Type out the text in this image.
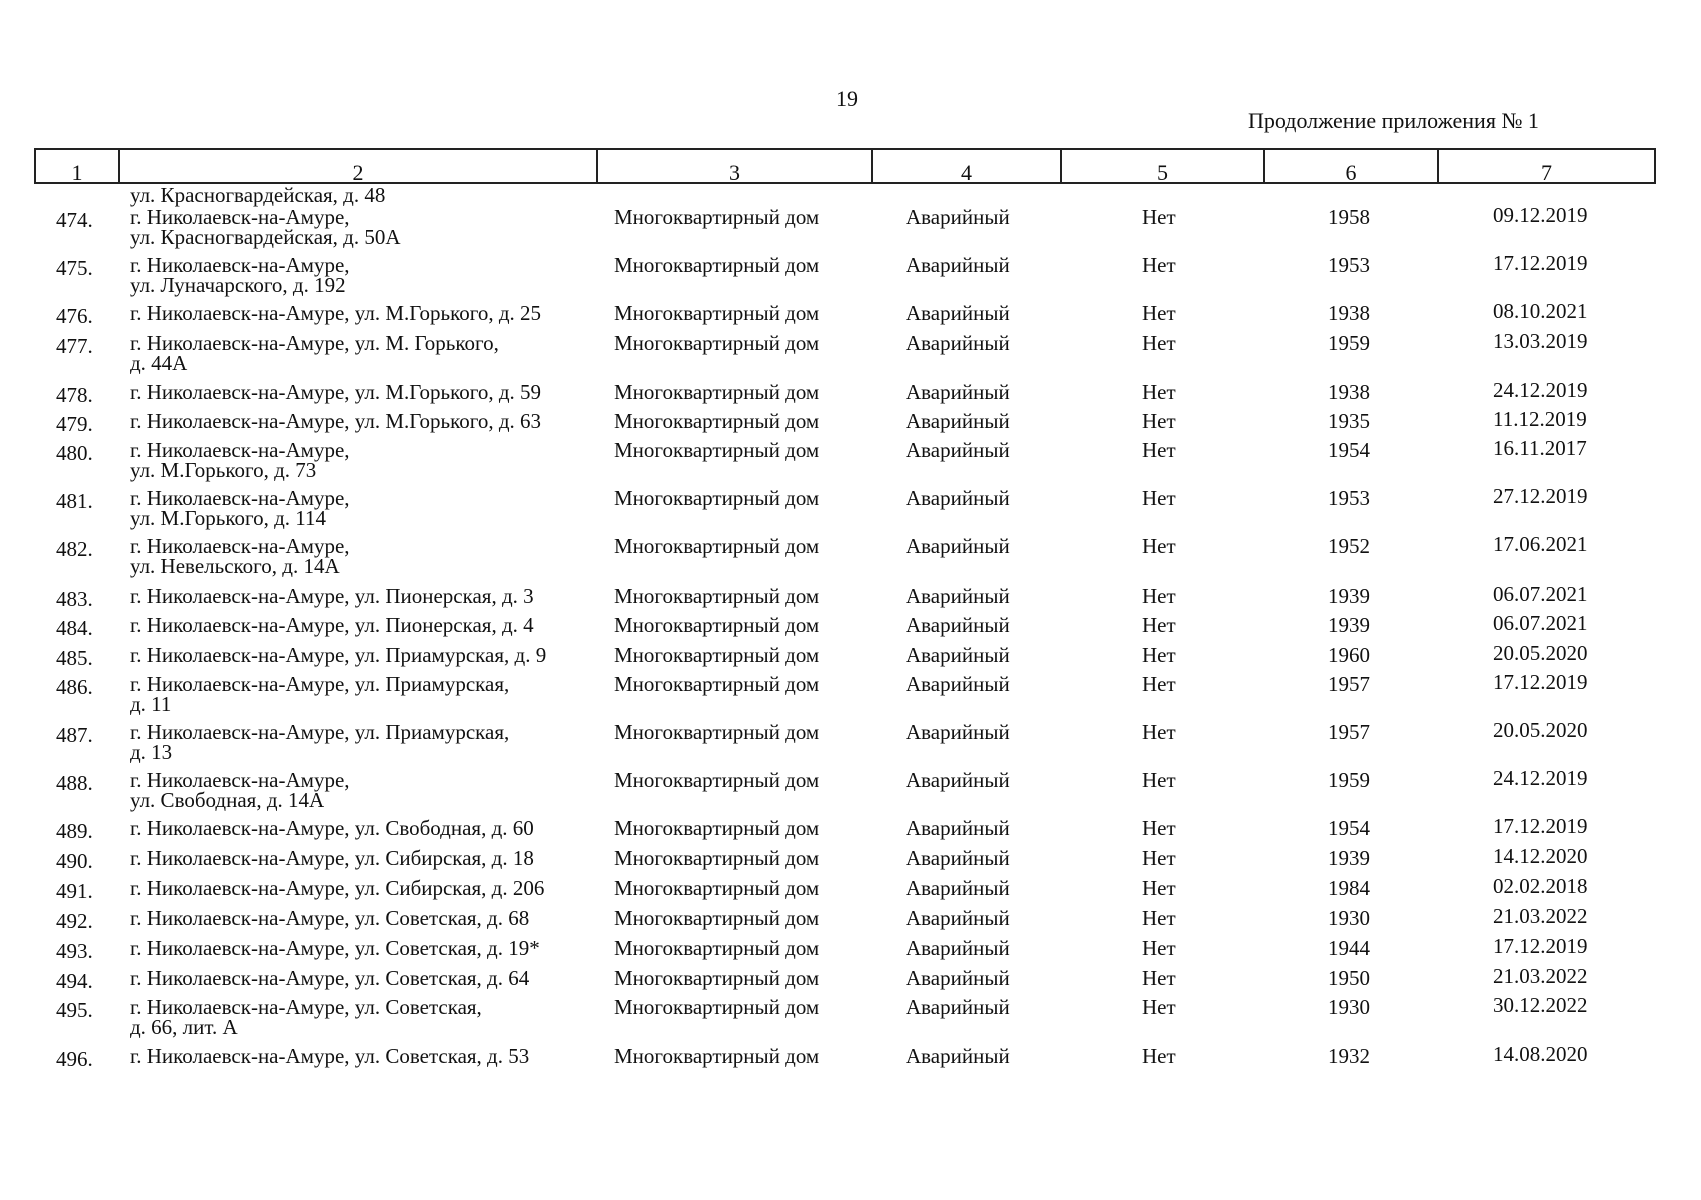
19
Продолжение приложения № 1
1	2	3	4	5	6	7
ул. Красногвардейская, д. 48
474. г. Николаевск-на-Амуре,
ул. Красногвардейская, д. 50А
Многоквартирный дом	Аварийный	Нет	1958	09.12.2019
475. г. Николаевск-на-Амуре,
ул. Луначарского, д. 192
Многоквартирный дом	Аварийный	Нет	1953	17.12.2019
476. г. Николаевск-на-Амуре, ул. М.Горького, д. 25	Многоквартирный дом	Аварийный	Нет	1938	08.10.2021
477. г. Николаевск-на-Амуре, ул. М. Горького,
д. 44А
Многоквартирный дом	Аварийный	Нет	1959	13.03.2019
478. г. Николаевск-на-Амуре, ул. М.Горького, д. 59	Многоквартирный дом	Аварийный	Нет	1938	24.12.2019
479. г. Николаевск-на-Амуре, ул. М.Горького, д. 63	Многоквартирный дом	Аварийный	Нет	1935	11.12.2019
480. г. Николаевск-на-Амуре,
ул. М.Горького, д. 73
Многоквартирный дом	Аварийный	Нет	1954	16.11.2017
481. г. Николаевск-на-Амуре,
ул. М.Горького, д. 114
Многоквартирный дом	Аварийный	Нет	1953	27.12.2019
482. г. Николаевск-на-Амуре,
ул. Невельского, д. 14А
Многоквартирный дом	Аварийный	Нет	1952	17.06.2021
483. г. Николаевск-на-Амуре, ул. Пионерская, д. 3	Многоквартирный дом	Аварийный	Нет	1939	06.07.2021
484. г. Николаевск-на-Амуре, ул. Пионерская, д. 4	Многоквартирный дом	Аварийный	Нет	1939	06.07.2021
485. г. Николаевск-на-Амуре, ул. Приамурская, д. 9	Многоквартирный дом	Аварийный	Нет	1960	20.05.2020
486. г. Николаевск-на-Амуре, ул. Приамурская,
д. 11
Многоквартирный дом	Аварийный	Нет	1957	17.12.2019
487. г. Николаевск-на-Амуре, ул. Приамурская,
д. 13
Многоквартирный дом	Аварийный	Нет	1957	20.05.2020
488. г. Николаевск-на-Амуре,
ул. Свободная, д. 14А
Многоквартирный дом	Аварийный	Нет	1959	24.12.2019
489. г. Николаевск-на-Амуре, ул. Свободная, д. 60	Многоквартирный дом	Аварийный	Нет	1954	17.12.2019
490. г. Николаевск-на-Амуре, ул. Сибирская, д. 18	Многоквартирный дом	Аварийный	Нет	1939	14.12.2020
491. г. Николаевск-на-Амуре, ул. Сибирская, д. 206	Многоквартирный дом	Аварийный	Нет	1984	02.02.2018
492. г. Николаевск-на-Амуре, ул. Советская, д. 68	Многоквартирный дом	Аварийный	Нет	1930	21.03.2022
493. г. Николаевск-на-Амуре, ул. Советская, д. 19*	Многоквартирный дом	Аварийный	Нет	1944	17.12.2019
494. г. Николаевск-на-Амуре, ул. Советская, д. 64	Многоквартирный дом	Аварийный	Нет	1950	21.03.2022
495. г. Николаевск-на-Амуре, ул. Советская,
д. 66, лит. А
Многоквартирный дом	Аварийный	Нет	1930	30.12.2022
496. г. Николаевск-на-Амуре, ул. Советская, д. 53	Многоквартирный дом	Аварийный	Нет	1932	14.08.2020
